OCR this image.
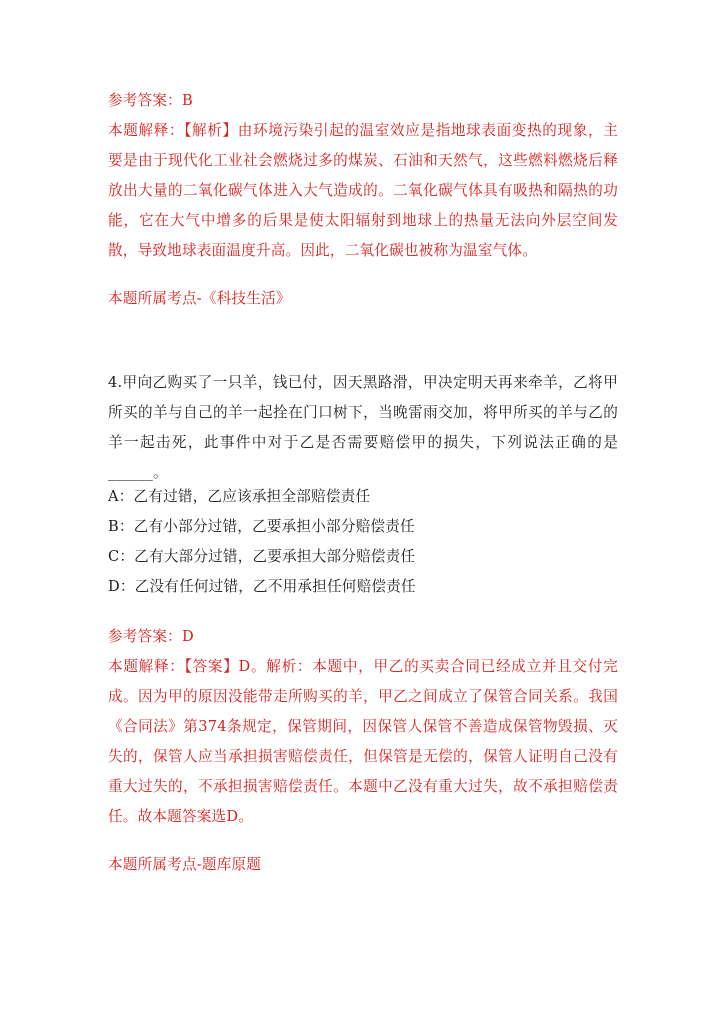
参考答案：B
本题解释：【解析】由环境污染引起的温室效应是指地球表面变热的现象，主要是由于现代化工业社会燃烧过多的煤炭、石油和天然气，这些燃料燃烧后释放出大量的二氧化碳气体进入大气造成的。二氧化碳气体具有吸热和隔热的功能，它在大气中增多的后果是使太阳辐射到地球上的热量无法向外层空间发散，导致地球表面温度升高。因此，二氧化碳也被称为温室气体。
本题所属考点-《科技生活》
4.甲向乙购买了一只羊，钱已付，因天黑路滑，甲决定明天再来牵羊，乙将甲所买的羊与自己的羊一起拴在门口树下，当晚雷雨交加，将甲所买的羊与乙的羊一起击死，此事件中对于乙是否需要赔偿甲的损失，下列说法正确的是______。
A：乙有过错，乙应该承担全部赔偿责任
B：乙有小部分过错，乙要承担小部分赔偿责任
C：乙有大部分过错，乙要承担大部分赔偿责任
D：乙没有任何过错，乙不用承担任何赔偿责任
参考答案：D
本题解释：【答案】D。解析：本题中，甲乙的买卖合同已经成立并且交付完成。因为甲的原因没能带走所购买的羊，甲乙之间成立了保管合同关系。我国《合同法》第374条规定，保管期间，因保管人保管不善造成保管物毁损、灭失的，保管人应当承担损害赔偿责任，但保管是无偿的，保管人证明自己没有重大过失的，不承担损害赔偿责任。本题中乙没有重大过失，故不承担赔偿责任。故本题答案选D。
本题所属考点-题库原题
